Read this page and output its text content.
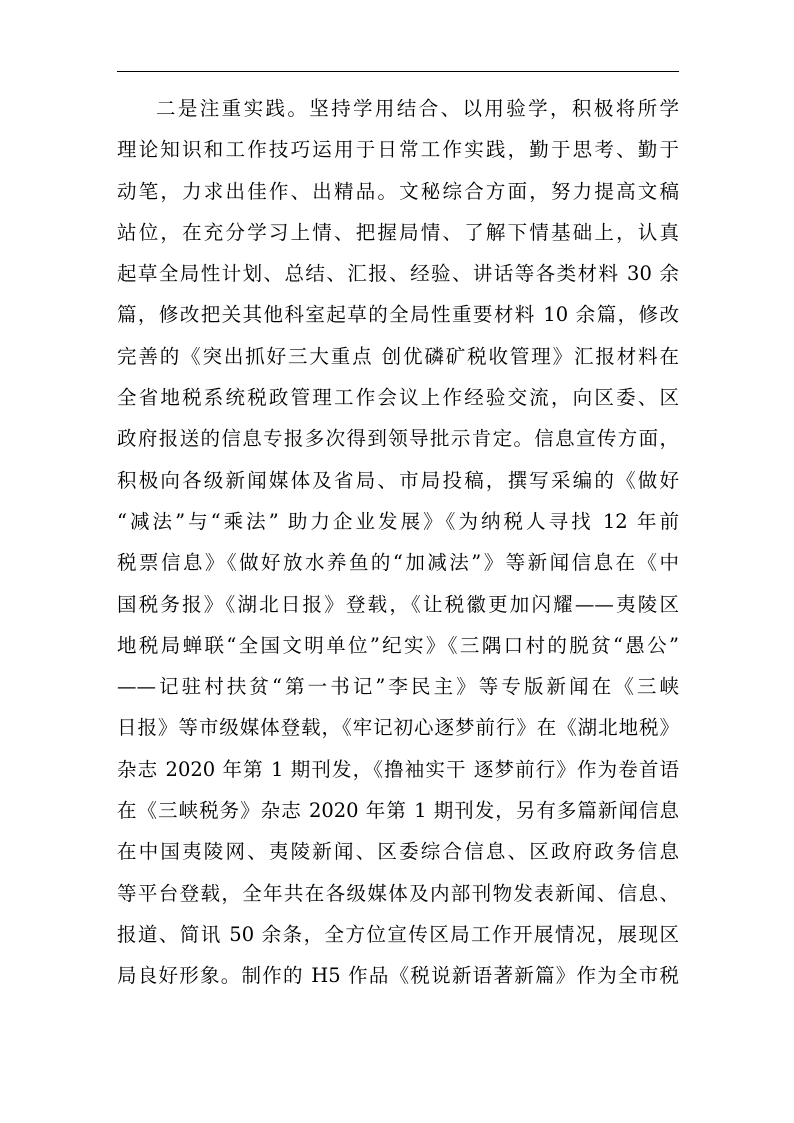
二是注重实践。坚持学用结合、以用验学，积极将所学
理论知识和工作技巧运用于日常工作实践，勤于思考、勤于
动笔，力求出佳作、出精品。文秘综合方面，努力提高文稿
站位，在充分学习上情、把握局情、了解下情基础上，认真
起草全局性计划、总结、汇报、经验、讲话等各类材料 30 余
篇，修改把关其他科室起草的全局性重要材料 10 余篇，修改
完善的《突出抓好三大重点 创优磷矿税收管理》汇报材料在
全省地税系统税政管理工作会议上作经验交流，向区委、区
政府报送的信息专报多次得到领导批示肯定。信息宣传方面，
积极向各级新闻媒体及省局、市局投稿，撰写采编的《做好
“减法”与“乘法” 助力企业发展》《为纳税人寻找 12 年前
税票信息》《做好放水养鱼的“加减法”》等新闻信息在《中
国税务报》《湖北日报》登载，《让税徽更加闪耀——夷陵区
地税局蝉联“全国文明单位”纪实》《三隅口村的脱贫“愚公”
——记驻村扶贫“第一书记”李民主》等专版新闻在《三峡
日报》等市级媒体登载，《牢记初心逐梦前行》在《湖北地税》
杂志 2020 年第 1 期刊发，《撸袖实干 逐梦前行》作为卷首语
在《三峡税务》杂志 2020 年第 1 期刊发，另有多篇新闻信息
在中国夷陵网、夷陵新闻、区委综合信息、区政府政务信息
等平台登载，全年共在各级媒体及内部刊物发表新闻、信息、
报道、简讯 50 余条，全方位宣传区局工作开展情况，展现区
局良好形象。制作的 H5 作品《税说新语著新篇》作为全市税
